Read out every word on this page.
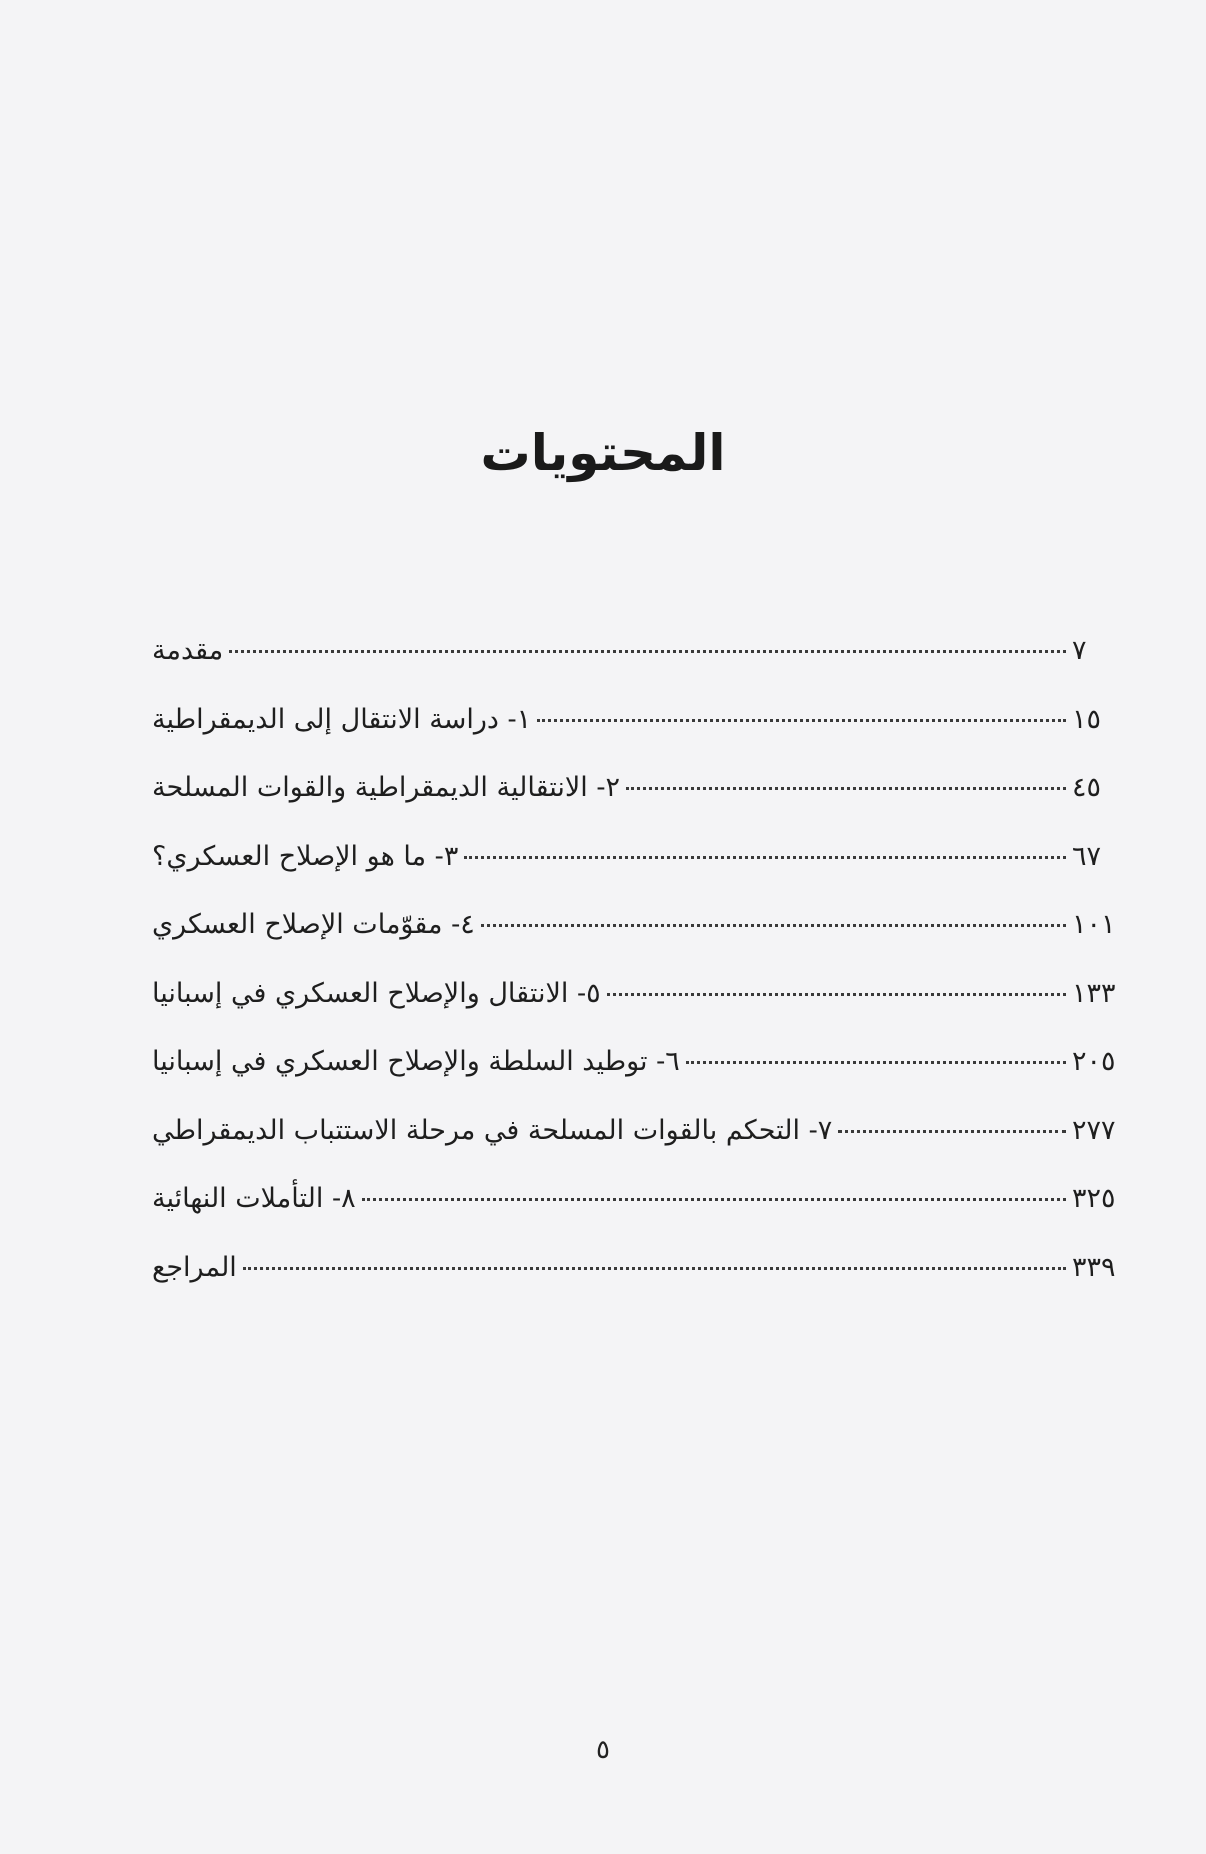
المحتويات
مقدمة	٧
١- دراسة الانتقال إلى الديمقراطية	١٥
٢- الانتقالية الديمقراطية والقوات المسلحة	٤٥
٣- ما هو الإصلاح العسكري؟	٦٧
٤- مقوّمات الإصلاح العسكري	١٠١
٥- الانتقال والإصلاح العسكري في إسبانيا	١٣٣
٦- توطيد السلطة والإصلاح العسكري في إسبانيا	٢٠٥
٧- التحكم بالقوات المسلحة في مرحلة الاستتباب الديمقراطي	٢٧٧
٨- التأملات النهائية	٣٢٥
المراجع	٣٣٩
٥
